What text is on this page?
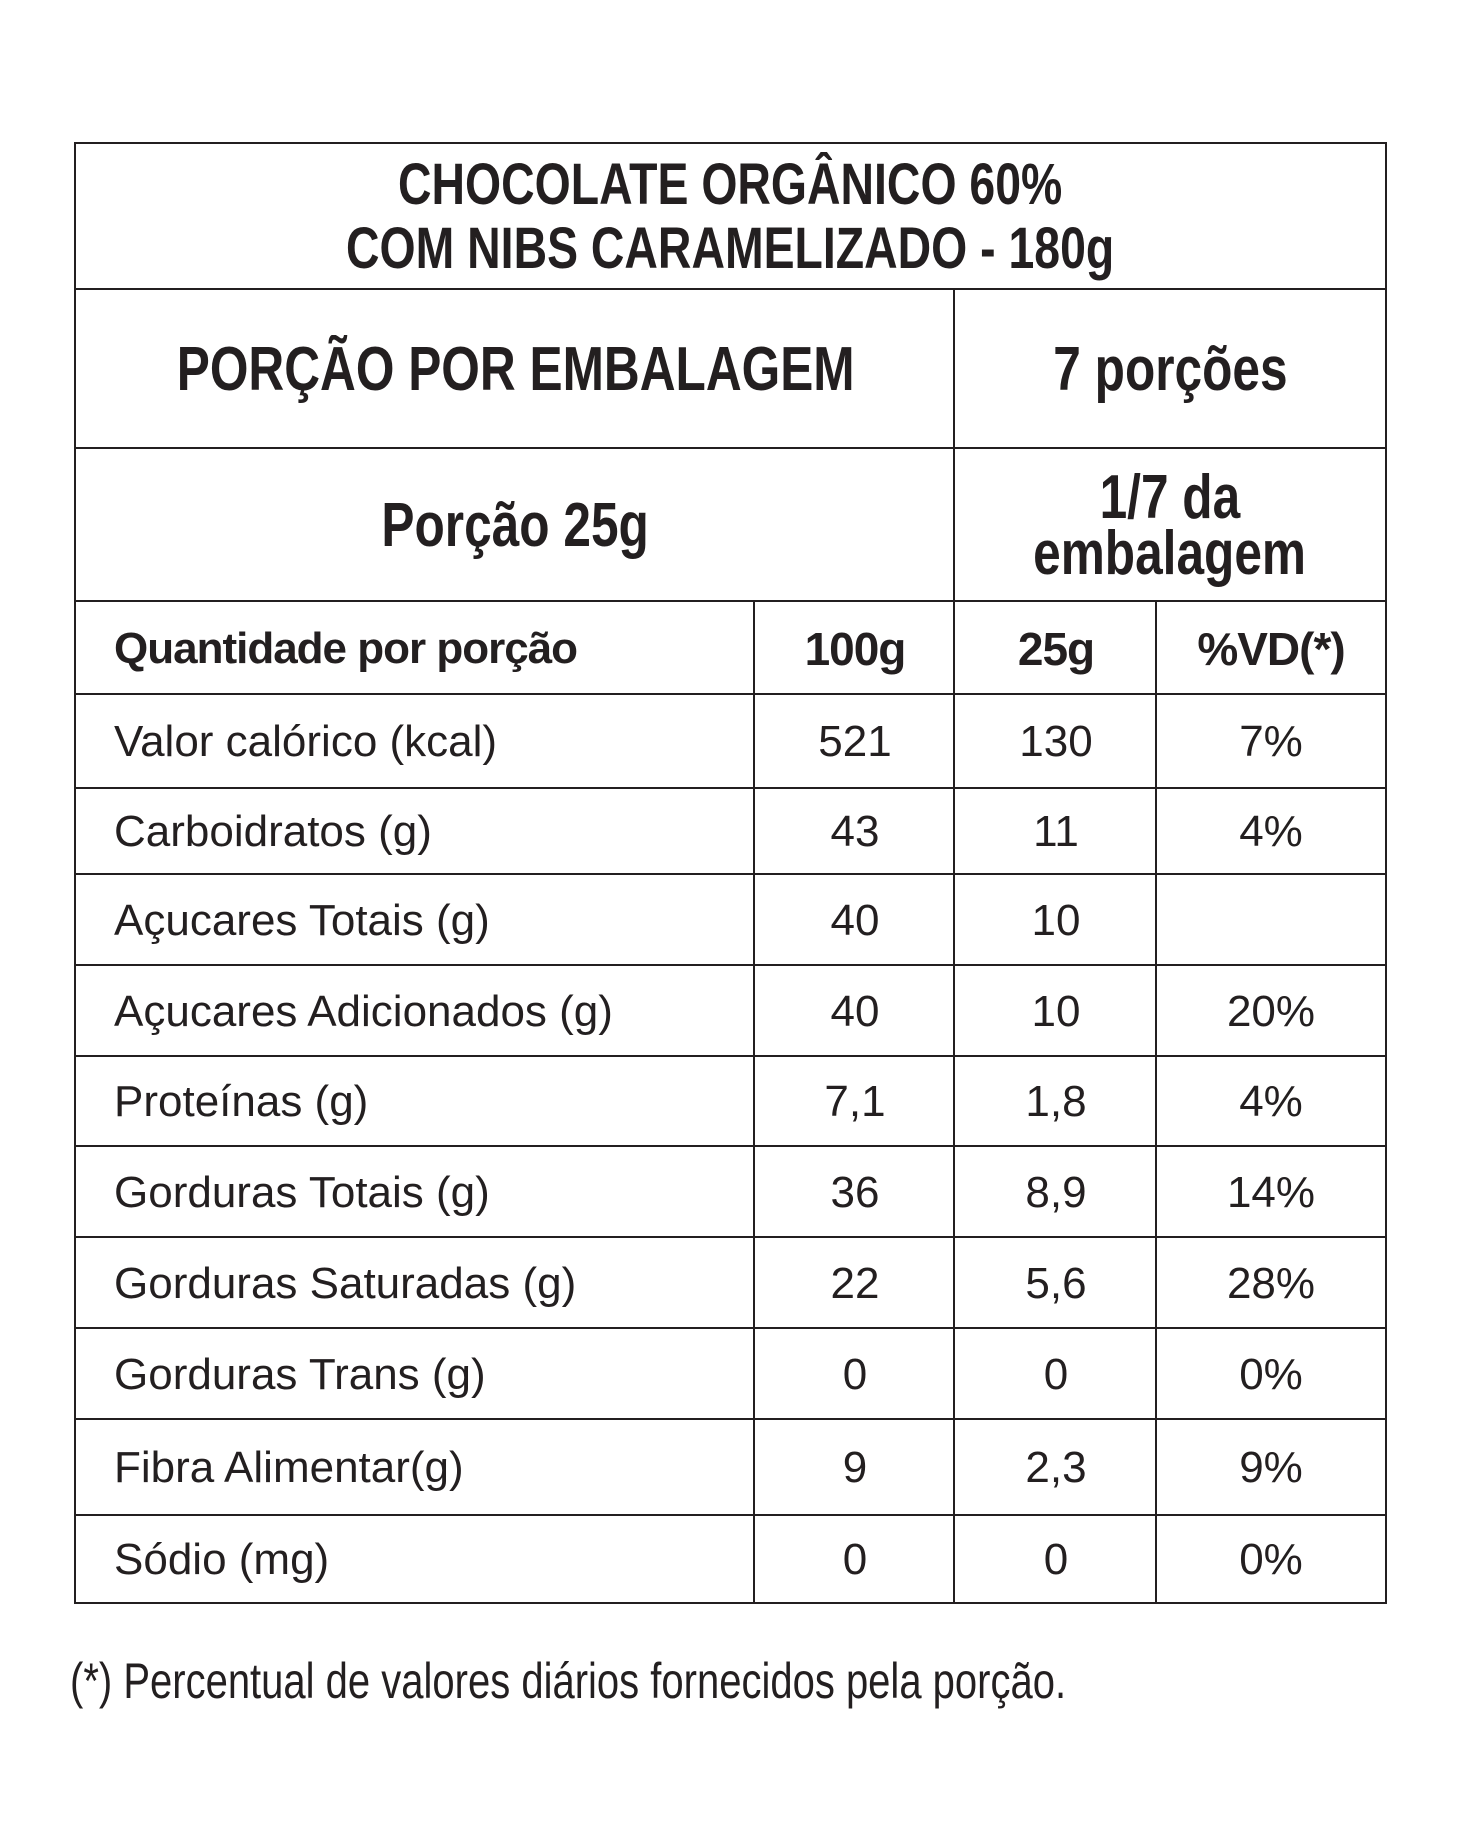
CHOCOLATE ORGÂNICO 60%
COM NIBS CARAMELIZADO - 180g
PORÇÃO POR EMBALAGEM	7 porções
Porção 25g	1/7 da
embalagem
Quantidade por porção	100g	25g	%VD(*)
Valor calórico (kcal)	521	130	7%
Carboidratos (g)	43	11	4%
Açucares Totais (g)	40	10
Açucares Adicionados (g)	40	10	20%
Proteínas (g)	7,1	1,8	4%
Gorduras Totais (g)	36	8,9	14%
Gorduras Saturadas (g)	22	5,6	28%
Gorduras Trans (g)	0	0	0%
Fibra Alimentar(g)	9	2,3	9%
Sódio (mg)	0	0	0%
(*) Percentual de valores diários fornecidos pela porção.
